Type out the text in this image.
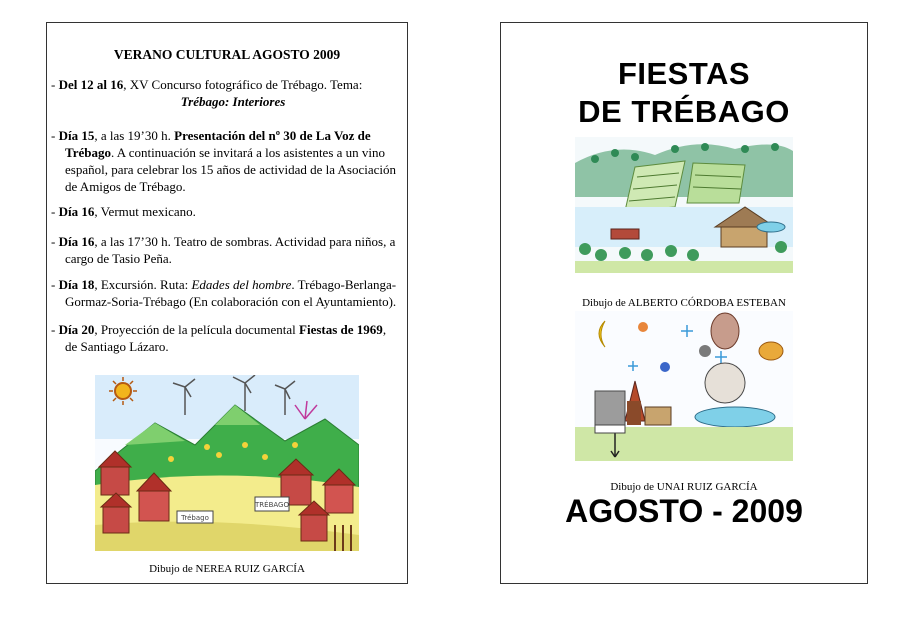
VERANO CULTURAL AGOSTO 2009
- Del 12 al 16, XV Concurso fotográfico de Trébago. Tema:
Trébago: Interiores
- Día 15, a las 19’30 h. Presentación del nº 30 de La Voz de Trébago. A continuación se invitará a los asistentes a un vino español, para celebrar los 15 años de actividad de la Asociación de Amigos de Trébago.
- Día 16, Vermut mexicano.
- Día 16, a las 17’30 h. Teatro de sombras. Actividad para niños, a cargo de Tasio Peña.
- Día 18, Excursión. Ruta: Edades del hombre. Trébago-Berlanga-Gormaz-Soria-Trébago (En colaboración con el Ayuntamiento).
- Día 20, Proyección de la película documental Fiestas de 1969, de Santiago Lázaro.
Trébago
TRÉBAGO
Dibujo de NEREA RUIZ GARCÍA
FIESTAS
DE TRÉBAGO
Dibujo de ALBERTO CÓRDOBA ESTEBAN
Dibujo de UNAI RUIZ GARCÍA
AGOSTO - 2009
